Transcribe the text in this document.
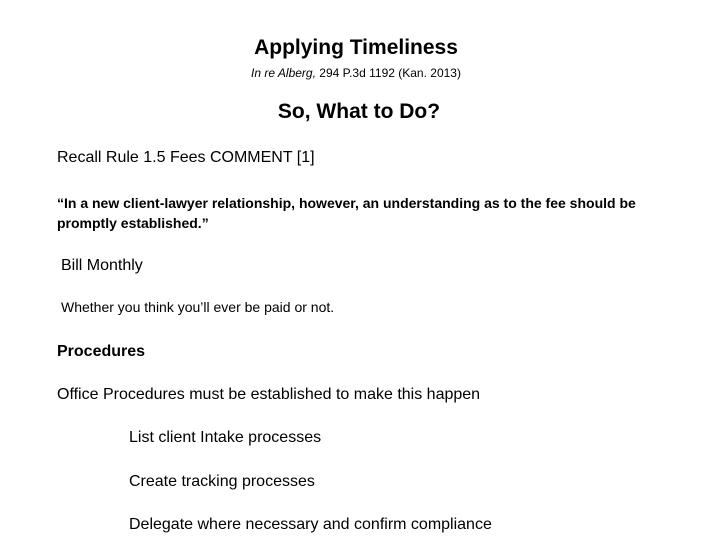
Applying Timeliness
In re Alberg, 294 P.3d 1192 (Kan. 2013)
So, What to Do?
Recall Rule 1.5 Fees COMMENT [1]
“In a new client-lawyer relationship, however, an understanding as to the fee should be promptly established.”
Bill Monthly
Whether you think you’ll ever be paid or not.
Procedures
Office Procedures must be established to make this happen
List client Intake processes
Create tracking processes
Delegate where necessary and confirm compliance
